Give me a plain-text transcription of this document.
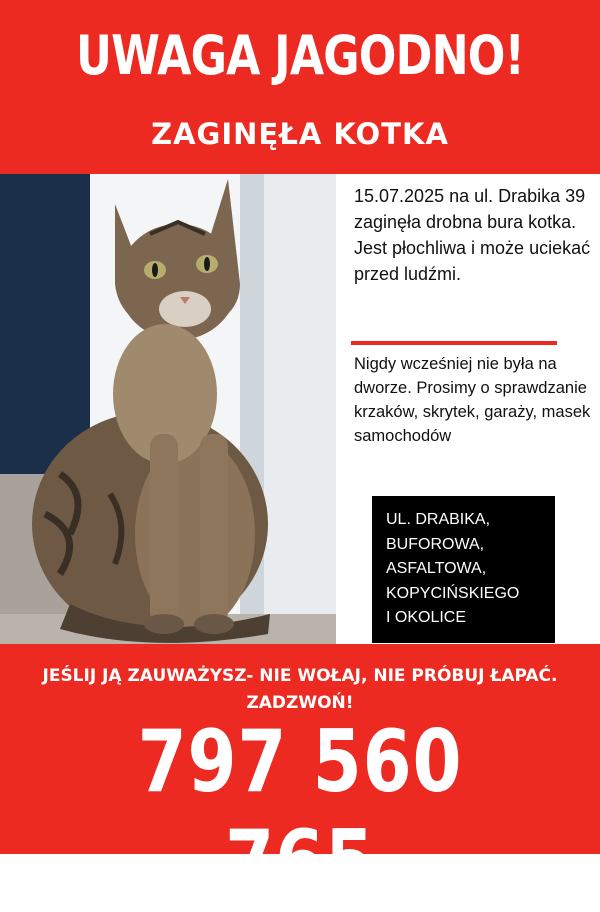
UWAGA JAGODNO!
ZAGINĘŁA KOTKA
15.07.2025 na ul. Drabika 39 zaginęła drobna bura kotka. Jest płochliwa i może uciekać przed ludźmi.
Nigdy wcześniej nie była na dworze. Prosimy o sprawdzanie krzaków, skrytek, garaży, masek samochodów
UL. DRABIKA,
BUFOROWA,
ASFALTOWA,
KOPYCIŃSKIEGO
I OKOLICE
JEŚLIJ JĄ ZAUWAŻYSZ- NIE WOŁAJ, NIE PRÓBUJ ŁAPAĆ.
ZADZWOŃ!
797 560 765
